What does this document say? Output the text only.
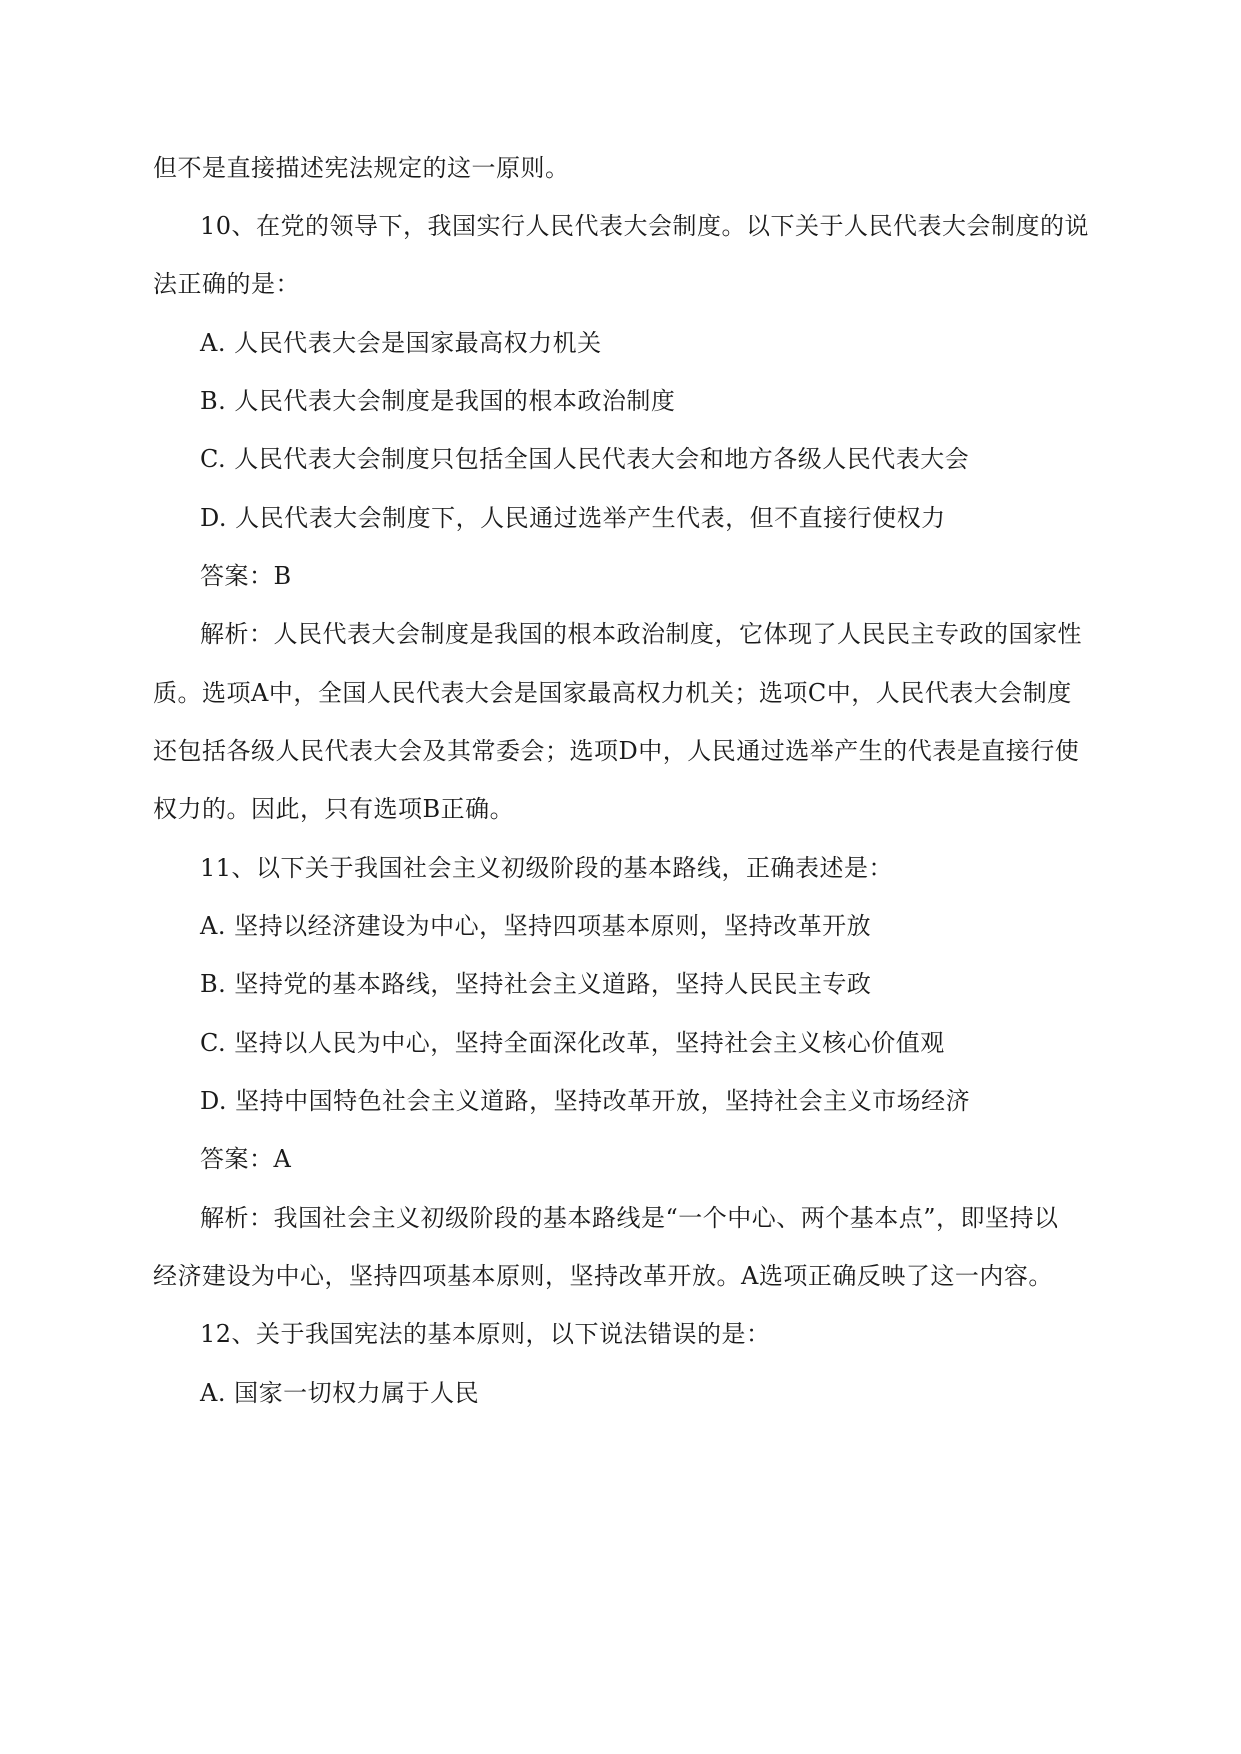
但不是直接描述宪法规定的这一原则。
10、在党的领导下，我国实行人民代表大会制度。以下关于人民代表大会制度的说
法正确的是：
A. 人民代表大会是国家最高权力机关
B. 人民代表大会制度是我国的根本政治制度
C. 人民代表大会制度只包括全国人民代表大会和地方各级人民代表大会
D. 人民代表大会制度下，人民通过选举产生代表，但不直接行使权力
答案：B
解析：人民代表大会制度是我国的根本政治制度，它体现了人民民主专政的国家性
质。选项A中，全国人民代表大会是国家最高权力机关；选项C中，人民代表大会制度
还包括各级人民代表大会及其常委会；选项D中，人民通过选举产生的代表是直接行使
权力的。因此，只有选项B正确。
11、以下关于我国社会主义初级阶段的基本路线，正确表述是：
A. 坚持以经济建设为中心，坚持四项基本原则，坚持改革开放
B. 坚持党的基本路线，坚持社会主义道路，坚持人民民主专政
C. 坚持以人民为中心，坚持全面深化改革，坚持社会主义核心价值观
D. 坚持中国特色社会主义道路，坚持改革开放，坚持社会主义市场经济
答案：A
解析：我国社会主义初级阶段的基本路线是“一个中心、两个基本点”，即坚持以
经济建设为中心，坚持四项基本原则，坚持改革开放。A选项正确反映了这一内容。
12、关于我国宪法的基本原则，以下说法错误的是：
A. 国家一切权力属于人民
